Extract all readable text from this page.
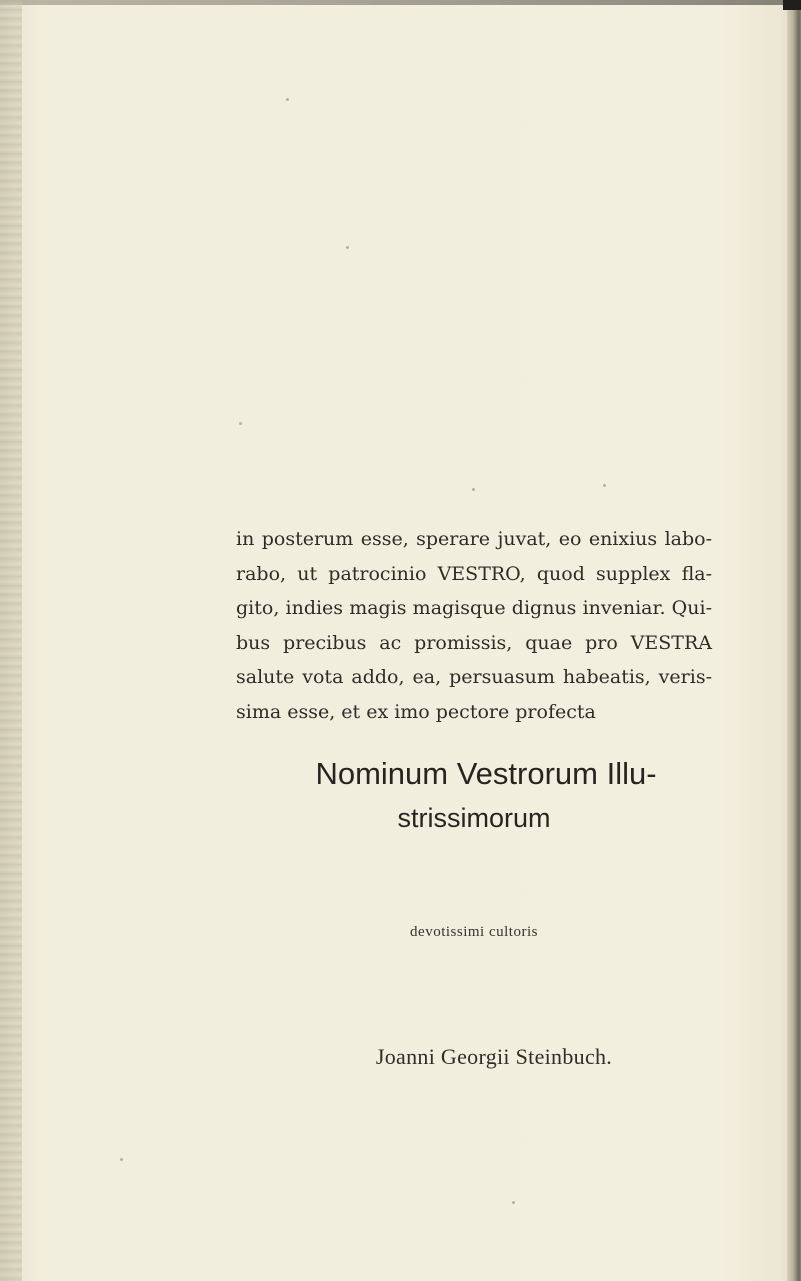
in posterum esse, sperare juvat, eo enixius labo-
rabo, ut patrocinio VESTRO, quod supplex fla-
gito, indies magis magisque dignus inveniar. Qui-
bus precibus ac promissis, quae pro VESTRA
salute vota addo, ea, persuasum habeatis, veris-
sima esse, et ex imo pectore profecta
Nominum Vestrorum Illu-
strissimorum
devotissimi cultoris
Joanni Georgii Steinbuch.
